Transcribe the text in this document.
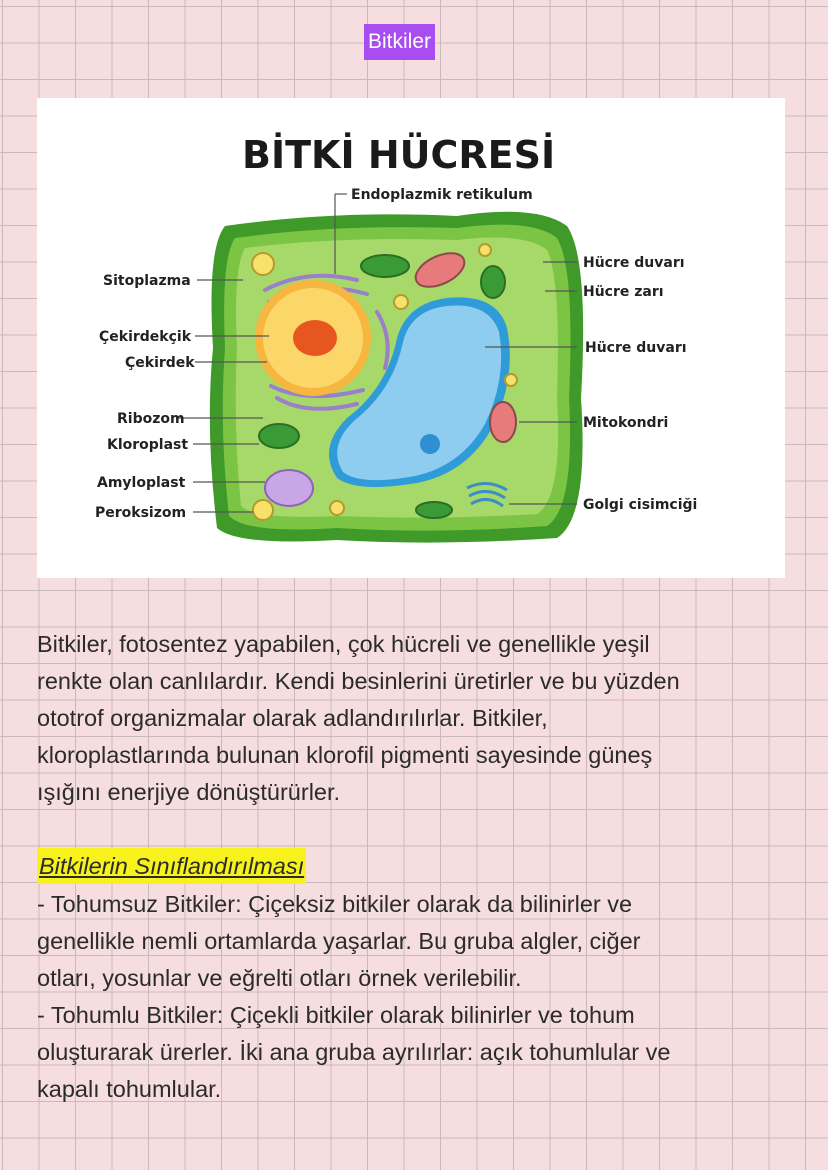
Bitkiler
BİTKİ HÜCRESİ
Endoplazmik retikulum
Sitoplazma
Çekirdekçik
Çekirdek
Ribozom
Kloroplast
Amyloplast
Peroksizom
Hücre duvarı
Hücre zarı
Hücre duvarı
Mitokondri
Golgi cisimciği

Bitkiler, fotosentez yapabilen, çok hücreli ve genellikle yeşil
renkte olan canlılardır. Kendi besinlerini üretirler ve bu yüzden
ototrof organizmalar olarak adlandırılırlar. Bitkiler,
kloroplastlarında bulunan klorofil pigmenti sayesinde güneş
ışığını enerjiye dönüştürürler.

Bitkilerin Sınıflandırılması

- Tohumsuz Bitkiler: Çiçeksiz bitkiler olarak da bilinirler ve
genellikle nemli ortamlarda yaşarlar. Bu gruba algler, ciğer
otları, yosunlar ve eğrelti otları örnek verilebilir.
- Tohumlu Bitkiler: Çiçekli bitkiler olarak bilinirler ve tohum
oluşturarak ürerler. İki ana gruba ayrılırlar: açık tohumlular ve
kapalı tohumlular.
